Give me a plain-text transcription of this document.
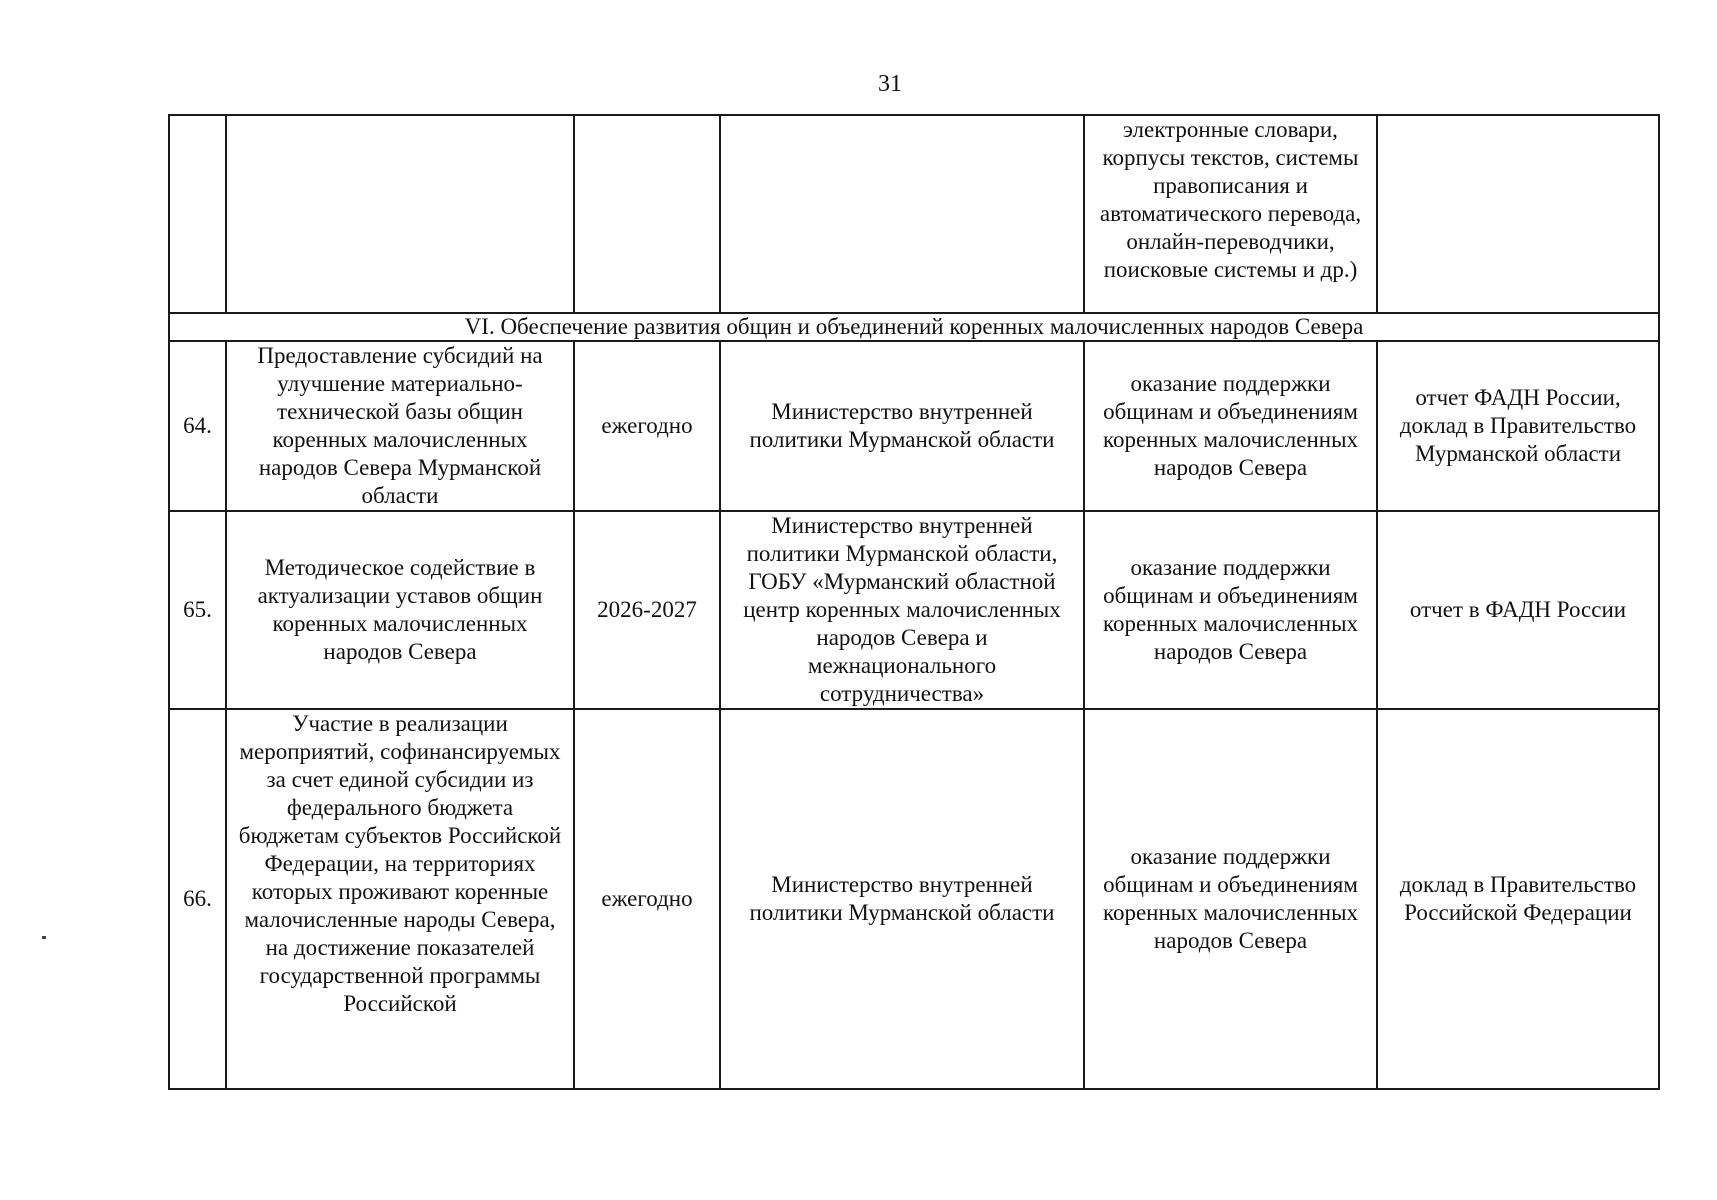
31
				электронные словари, корпусы текстов, системы правописания и автоматического перевода, онлайн-переводчики, поисковые системы и др.)	
VI. Обеспечение развития общин и объединений коренных малочисленных народов Севера					
64.	Предоставление субсидий на улучшение материально-технической базы общин коренных малочисленных народов Севера Мурманской области	ежегодно	Министерство внутренней политики Мурманской области	оказание поддержки общинам и объединениям коренных малочисленных народов Севера	отчет ФАДН России, доклад в Правительство Мурманской области
65.	Методическое содействие в актуализации уставов общин коренных малочисленных народов Севера	2026-2027	Министерство внутренней политики Мурманской области, ГОБУ «Мурманский областной центр коренных малочисленных народов Севера и межнационального сотрудничества»	оказание поддержки общинам и объединениям коренных малочисленных народов Севера	отчет в ФАДН России
66.	Участие в реализации мероприятий, софинансируемых за счет единой субсидии из федерального бюджета бюджетам субъектов Российской Федерации, на территориях которых проживают коренные малочисленные народы Севера, на достижение показателей государственной программы Российской	ежегодно	Министерство внутренней политики Мурманской области	оказание поддержки общинам и объединениям коренных малочисленных народов Севера	доклад в Правительство Российской Федерации
